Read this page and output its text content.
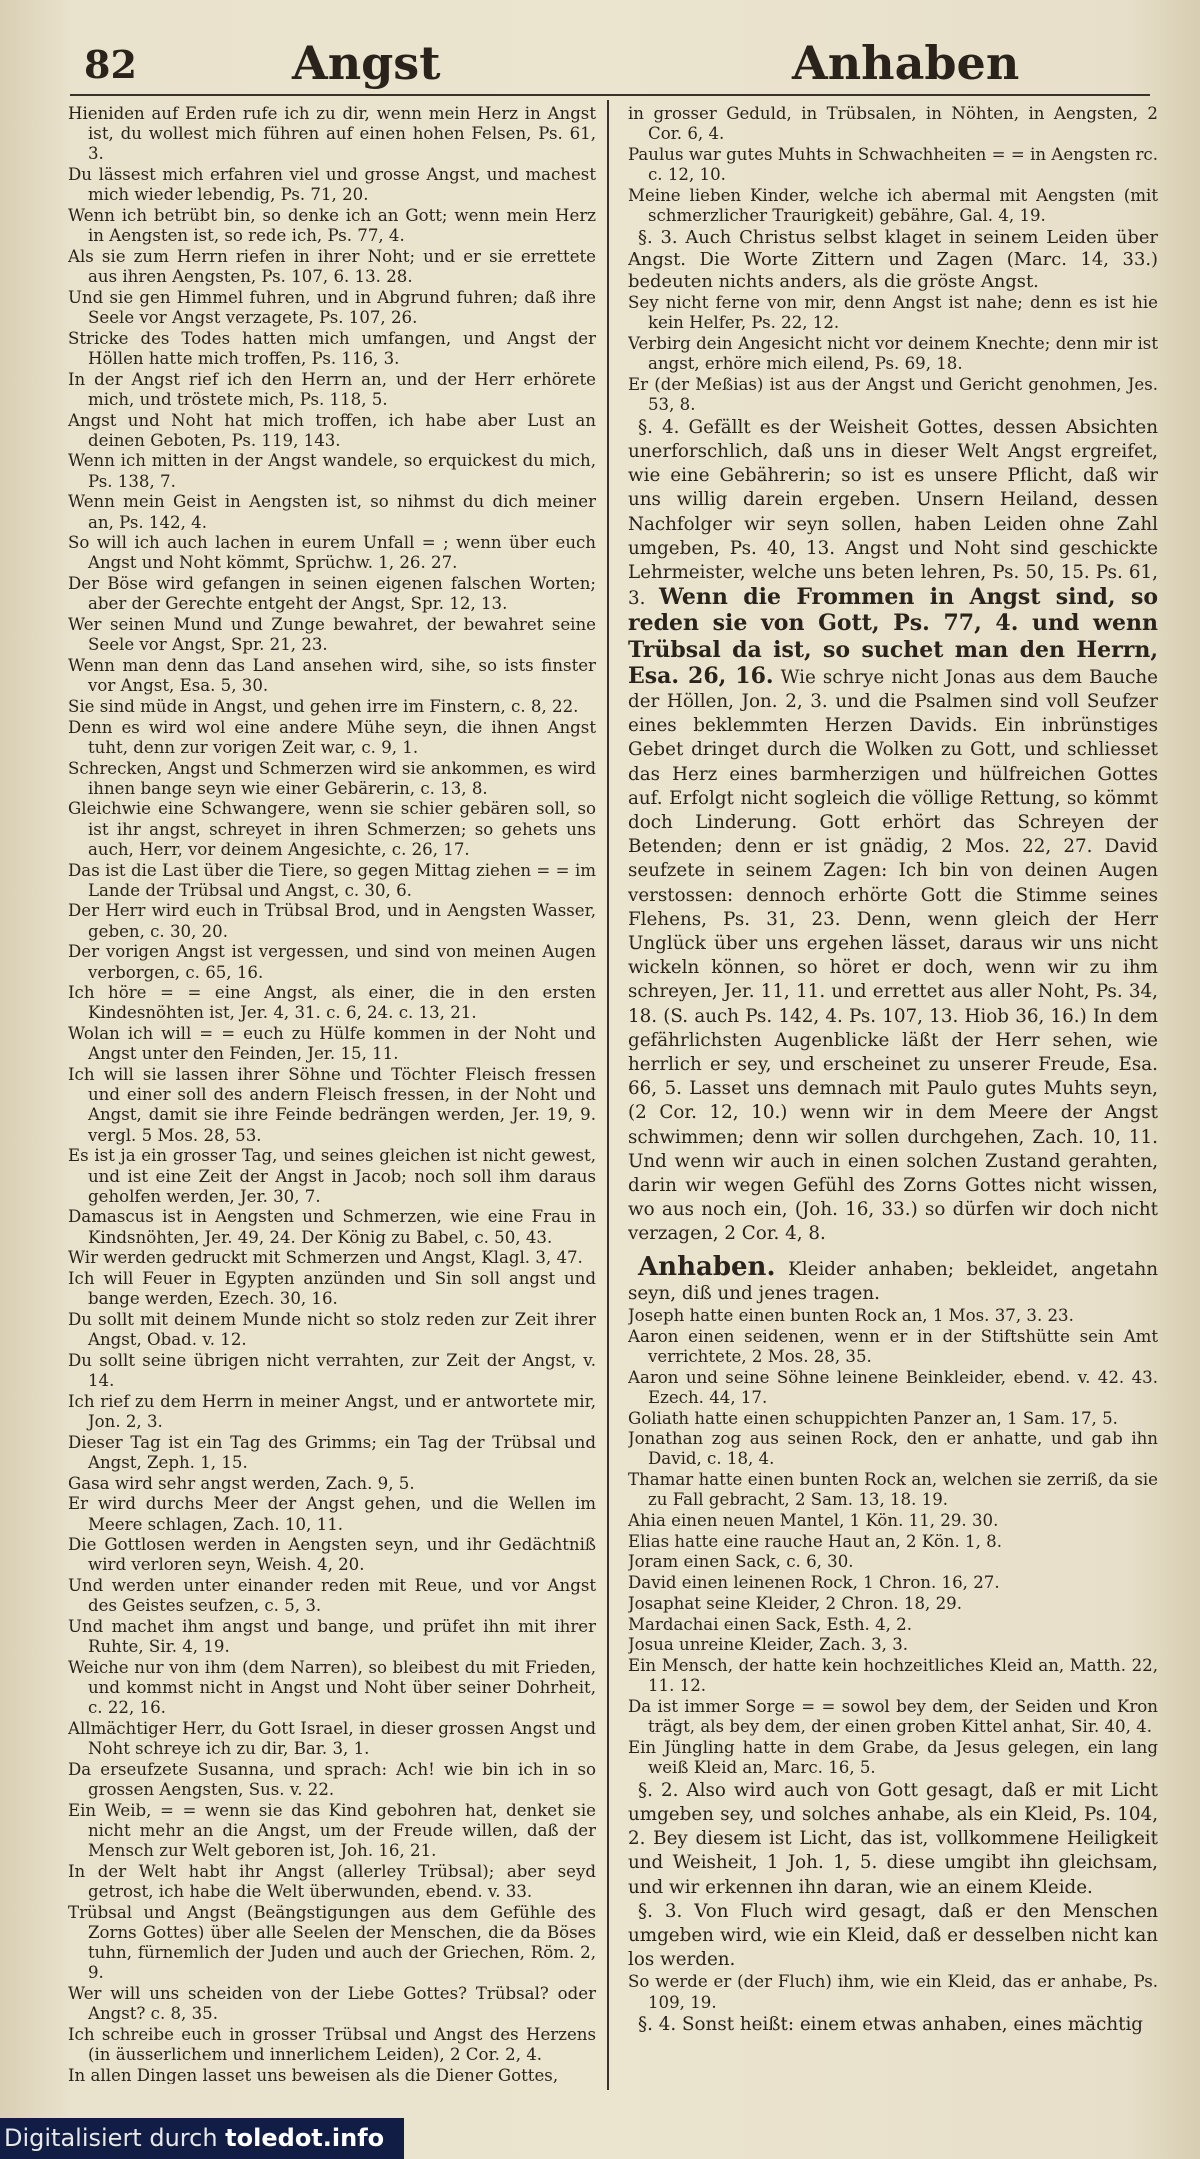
82	Angst	Anhaben

Hieniden auf Erden rufe ich zu dir, wenn mein Herz in Angst ist, du wollest mich führen auf einen hohen Felsen, Ps. 61, 3.

Du lässest mich erfahren viel und grosse Angst, und machest mich wieder lebendig, Ps. 71, 20.

Wenn ich betrübt bin, so denke ich an Gott; wenn mein Herz in Aengsten ist, so rede ich, Ps. 77, 4.

Als sie zum Herrn riefen in ihrer Noht; und er sie errettete aus ihren Aengsten, Ps. 107, 6. 13. 28.

Und sie gen Himmel fuhren, und in Abgrund fuhren; daß ihre Seele vor Angst verzagete, Ps. 107, 26.

Stricke des Todes hatten mich umfangen, und Angst der Höllen hatte mich troffen, Ps. 116, 3.

In der Angst rief ich den Herrn an, und der Herr erhörete mich, und tröstete mich, Ps. 118, 5.

Angst und Noht hat mich troffen, ich habe aber Lust an deinen Geboten, Ps. 119, 143.

Wenn ich mitten in der Angst wandele, so erquickest du mich, Ps. 138, 7.

Wenn mein Geist in Aengsten ist, so nihmst du dich meiner an, Ps. 142, 4.

So will ich auch lachen in eurem Unfall = ; wenn über euch Angst und Noht kömmt, Sprüchw. 1, 26. 27.

Der Böse wird gefangen in seinen eigenen falschen Worten; aber der Gerechte entgeht der Angst, Spr. 12, 13.

Wer seinen Mund und Zunge bewahret, der bewahret seine Seele vor Angst, Spr. 21, 23.

Wenn man denn das Land ansehen wird, sihe, so ists finster vor Angst, Esa. 5, 30.

Sie sind müde in Angst, und gehen irre im Finstern, c. 8, 22.

Denn es wird wol eine andere Mühe seyn, die ihnen Angst tuht, denn zur vorigen Zeit war, c. 9, 1.

Schrecken, Angst und Schmerzen wird sie ankommen, es wird ihnen bange seyn wie einer Gebärerin, c. 13, 8.

Gleichwie eine Schwangere, wenn sie schier gebären soll, so ist ihr angst, schreyet in ihren Schmerzen; so gehets uns auch, Herr, vor deinem Angesichte, c. 26, 17.

Das ist die Last über die Tiere, so gegen Mittag ziehen = = im Lande der Trübsal und Angst, c. 30, 6.

Der Herr wird euch in Trübsal Brod, und in Aengsten Wasser, geben, c. 30, 20.

Der vorigen Angst ist vergessen, und sind von meinen Augen verborgen, c. 65, 16.

Ich höre = = eine Angst, als einer, die in den ersten Kindesnöhten ist, Jer. 4, 31. c. 6, 24. c. 13, 21.

Wolan ich will = = euch zu Hülfe kommen in der Noht und Angst unter den Feinden, Jer. 15, 11.

Ich will sie lassen ihrer Söhne und Töchter Fleisch fressen und einer soll des andern Fleisch fressen, in der Noht und Angst, damit sie ihre Feinde bedrängen werden, Jer. 19, 9. vergl. 5 Mos. 28, 53.

Es ist ja ein grosser Tag, und seines gleichen ist nicht gewest, und ist eine Zeit der Angst in Jacob; noch soll ihm daraus geholfen werden, Jer. 30, 7.

Damascus ist in Aengsten und Schmerzen, wie eine Frau in Kindsnöhten, Jer. 49, 24. Der König zu Babel, c. 50, 43.

Wir werden gedruckt mit Schmerzen und Angst, Klagl. 3, 47.

Ich will Feuer in Egypten anzünden und Sin soll angst und bange werden, Ezech. 30, 16.

Du sollt mit deinem Munde nicht so stolz reden zur Zeit ihrer Angst, Obad. v. 12.

Du sollt seine übrigen nicht verrahten, zur Zeit der Angst, v. 14.

Ich rief zu dem Herrn in meiner Angst, und er antwortete mir, Jon. 2, 3.

Dieser Tag ist ein Tag des Grimms; ein Tag der Trübsal und Angst, Zeph. 1, 15.

Gasa wird sehr angst werden, Zach. 9, 5.

Er wird durchs Meer der Angst gehen, und die Wellen im Meere schlagen, Zach. 10, 11.

Die Gottlosen werden in Aengsten seyn, und ihr Gedächtniß wird verloren seyn, Weish. 4, 20.

Und werden unter einander reden mit Reue, und vor Angst des Geistes seufzen, c. 5, 3.

Und machet ihm angst und bange, und prüfet ihn mit ihrer Ruhte, Sir. 4, 19.

Weiche nur von ihm (dem Narren), so bleibest du mit Frieden, und kommst nicht in Angst und Noht über seiner Dohrheit, c. 22, 16.

Allmächtiger Herr, du Gott Israel, in dieser grossen Angst und Noht schreye ich zu dir, Bar. 3, 1.

Da erseufzete Susanna, und sprach: Ach! wie bin ich in so grossen Aengsten, Sus. v. 22.

Ein Weib, = = wenn sie das Kind gebohren hat, denket sie nicht mehr an die Angst, um der Freude willen, daß der Mensch zur Welt geboren ist, Joh. 16, 21.

In der Welt habt ihr Angst (allerley Trübsal); aber seyd getrost, ich habe die Welt überwunden, ebend. v. 33.

Trübsal und Angst (Beängstigungen aus dem Gefühle des Zorns Gottes) über alle Seelen der Menschen, die da Böses tuhn, fürnemlich der Juden und auch der Griechen, Röm. 2, 9.

Wer will uns scheiden von der Liebe Gottes? Trübsal? oder Angst? c. 8, 35.

Ich schreibe euch in grosser Trübsal und Angst des Herzens (in äusserlichem und innerlichem Leiden), 2 Cor. 2, 4.

In allen Dingen lasset uns beweisen als die Diener Gottes,

in grosser Geduld, in Trübsalen, in Nöhten, in Aengsten, 2 Cor. 6, 4.

Paulus war gutes Muhts in Schwachheiten = = in Aengsten rc. c. 12, 10.

Meine lieben Kinder, welche ich abermal mit Aengsten (mit schmerzlicher Traurigkeit) gebähre, Gal. 4, 19.

§. 3. Auch Christus selbst klaget in seinem Leiden über Angst. Die Worte Zittern und Zagen (Marc. 14, 33.) bedeuten nichts anders, als die gröste Angst.

Sey nicht ferne von mir, denn Angst ist nahe; denn es ist hie kein Helfer, Ps. 22, 12.

Verbirg dein Angesicht nicht vor deinem Knechte; denn mir ist angst, erhöre mich eilend, Ps. 69, 18.

Er (der Meßias) ist aus der Angst und Gericht genohmen, Jes. 53, 8.

§. 4. Gefällt es der Weisheit Gottes, dessen Absichten unerforschlich, daß uns in dieser Welt Angst ergreifet, wie eine Gebährerin; so ist es unsere Pflicht, daß wir uns willig darein ergeben. Unsern Heiland, dessen Nachfolger wir seyn sollen, haben Leiden ohne Zahl umgeben, Ps. 40, 13. Angst und Noht sind geschickte Lehrmeister, welche uns beten lehren, Ps. 50, 15. Ps. 61, 3. Wenn die Frommen in Angst sind, so reden sie von Gott, Ps. 77, 4. und wenn Trübsal da ist, so suchet man den Herrn, Esa. 26, 16. Wie schrye nicht Jonas aus dem Bauche der Höllen, Jon. 2, 3. und die Psalmen sind voll Seufzer eines beklemmten Herzen Davids. Ein inbrünstiges Gebet dringet durch die Wolken zu Gott, und schliesset das Herz eines barmherzigen und hülfreichen Gottes auf. Erfolgt nicht sogleich die völlige Rettung, so kömmt doch Linderung. Gott erhört das Schreyen der Betenden; denn er ist gnädig, 2 Mos. 22, 27. David seufzete in seinem Zagen: Ich bin von deinen Augen verstossen: dennoch erhörte Gott die Stimme seines Flehens, Ps. 31, 23. Denn, wenn gleich der Herr Unglück über uns ergehen lässet, daraus wir uns nicht wickeln können, so höret er doch, wenn wir zu ihm schreyen, Jer. 11, 11. und errettet aus aller Noht, Ps. 34, 18. (S. auch Ps. 142, 4. Ps. 107, 13. Hiob 36, 16.) In dem gefährlichsten Augenblicke läßt der Herr sehen, wie herrlich er sey, und erscheinet zu unserer Freude, Esa. 66, 5. Lasset uns demnach mit Paulo gutes Muhts seyn, (2 Cor. 12, 10.) wenn wir in dem Meere der Angst schwimmen; denn wir sollen durchgehen, Zach. 10, 11. Und wenn wir auch in einen solchen Zustand gerahten, darin wir wegen Gefühl des Zorns Gottes nicht wissen, wo aus noch ein, (Joh. 16, 33.) so dürfen wir doch nicht verzagen, 2 Cor. 4, 8.

Anhaben. Kleider anhaben; bekleidet, angetahn seyn, diß und jenes tragen.

Joseph hatte einen bunten Rock an, 1 Mos. 37, 3. 23.

Aaron einen seidenen, wenn er in der Stiftshütte sein Amt verrichtete, 2 Mos. 28, 35.

Aaron und seine Söhne leinene Beinkleider, ebend. v. 42. 43. Ezech. 44, 17.

Goliath hatte einen schuppichten Panzer an, 1 Sam. 17, 5.

Jonathan zog aus seinen Rock, den er anhatte, und gab ihn David, c. 18, 4.

Thamar hatte einen bunten Rock an, welchen sie zerriß, da sie zu Fall gebracht, 2 Sam. 13, 18. 19.

Ahia einen neuen Mantel, 1 Kön. 11, 29. 30.

Elias hatte eine rauche Haut an, 2 Kön. 1, 8.

Joram einen Sack, c. 6, 30.

David einen leinenen Rock, 1 Chron. 16, 27.

Josaphat seine Kleider, 2 Chron. 18, 29.

Mardachai einen Sack, Esth. 4, 2.

Josua unreine Kleider, Zach. 3, 3.

Ein Mensch, der hatte kein hochzeitliches Kleid an, Matth. 22, 11. 12.

Da ist immer Sorge = = sowol bey dem, der Seiden und Kron trägt, als bey dem, der einen groben Kittel anhat, Sir. 40, 4.

Ein Jüngling hatte in dem Grabe, da Jesus gelegen, ein lang weiß Kleid an, Marc. 16, 5.

§. 2. Also wird auch von Gott gesagt, daß er mit Licht umgeben sey, und solches anhabe, als ein Kleid, Ps. 104, 2. Bey diesem ist Licht, das ist, vollkommene Heiligkeit und Weisheit, 1 Joh. 1, 5. diese umgibt ihn gleichsam, und wir erkennen ihn daran, wie an einem Kleide.

§. 3. Von Fluch wird gesagt, daß er den Menschen umgeben wird, wie ein Kleid, daß er desselben nicht kan los werden.

So werde er (der Fluch) ihm, wie ein Kleid, das er anhabe, Ps. 109, 19.

§. 4. Sonst heißt: einem etwas anhaben, eines mächtig

Digitalisiert durch toledot.info
